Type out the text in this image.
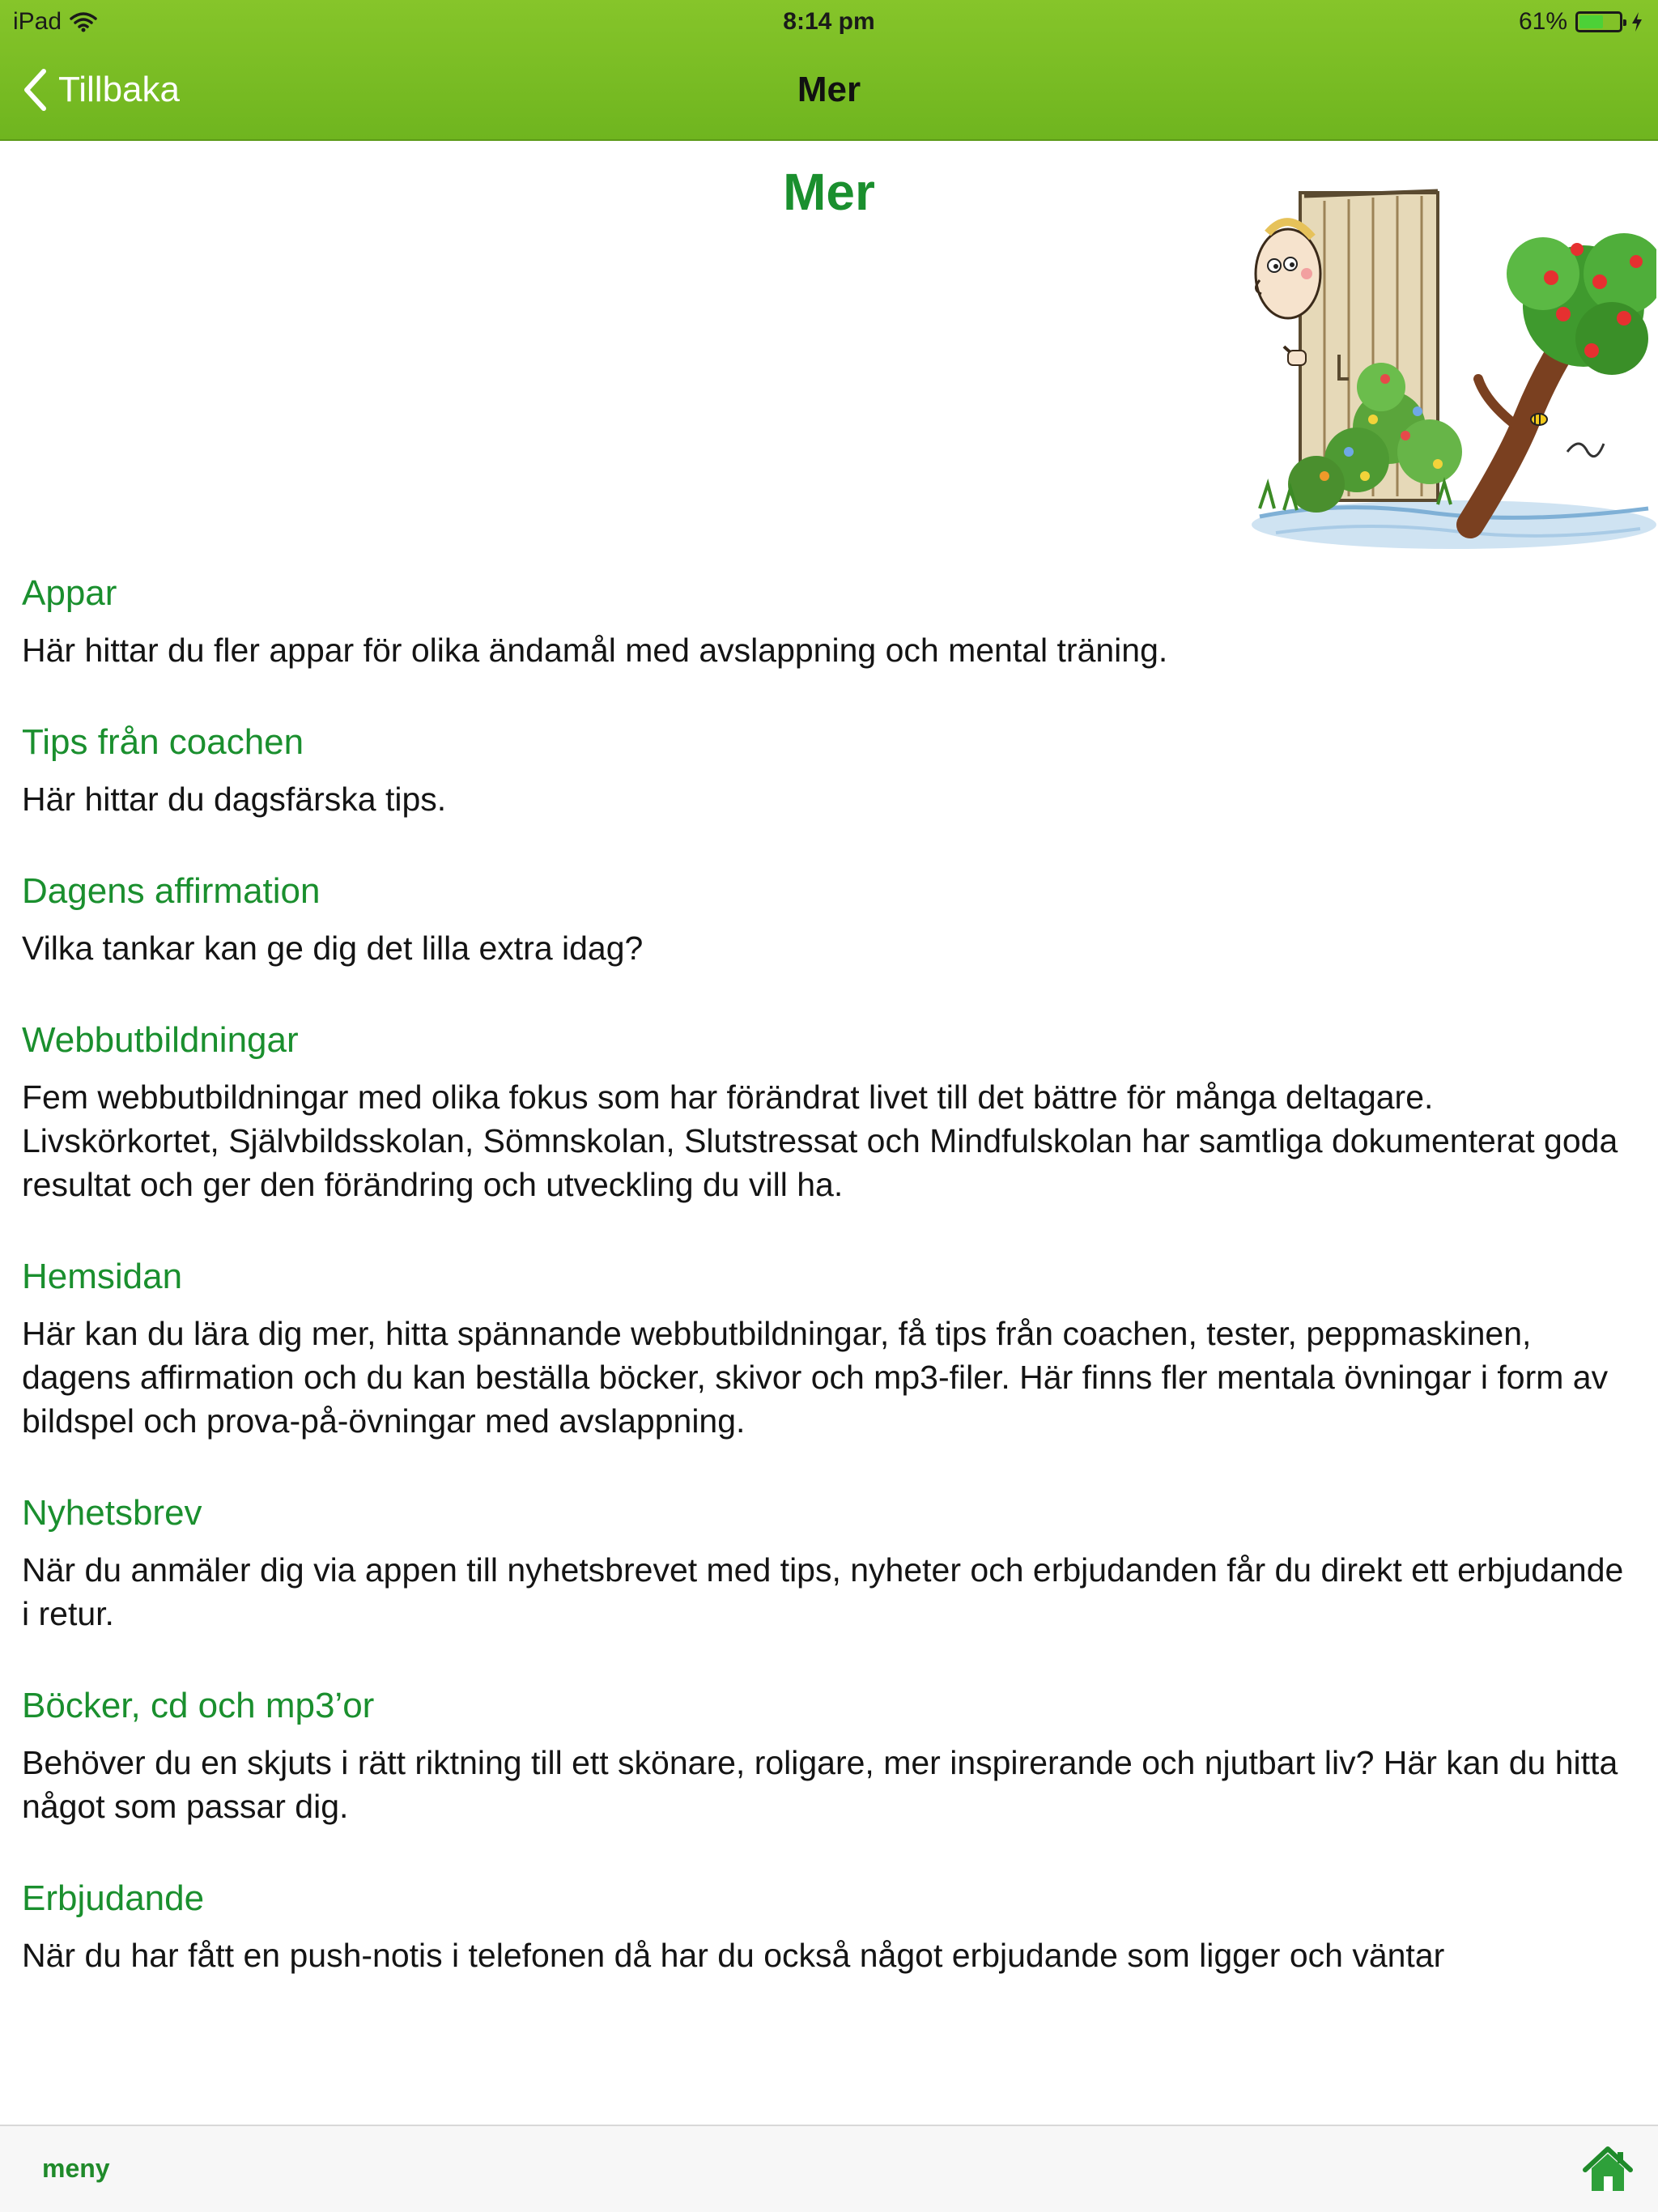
iPad	8:14 pm	61%
Tillbaka	Mer
Mer
Appar

Här hittar du fler appar för olika ändamål med avslappning och mental träning.

Tips från coachen

Här hittar du dagsfärska tips.

Dagens affirmation

Vilka tankar kan ge dig det lilla extra idag?

Webbutbildningar

Fem webbutbildningar med olika fokus som har förändrat livet till det bättre för många deltagare. Livskörkortet, Självbildsskolan, Sömnskolan, Slutstressat och Mindfulskolan har samtliga dokumenterat goda resultat och ger den förändring och utveckling du vill ha.

Hemsidan

Här kan du lära dig mer, hitta spännande webbutbildningar, få tips från coachen, tester, peppmaskinen, dagens affirmation och du kan beställa böcker, skivor och mp3-filer. Här finns fler mentala övningar i form av bildspel och prova-på-övningar med avslappning.

Nyhetsbrev

När du anmäler dig via appen till nyhetsbrevet med tips, nyheter och erbjudanden får du direkt ett erbjudande i retur.

Böcker, cd och mp3’or

Behöver du en skjuts i rätt riktning till ett skönare, roligare, mer inspirerande och njutbart liv? Här kan du hitta något som passar dig.

Erbjudande

När du har fått en push-notis i telefonen då har du också något erbjudande som ligger och väntar

meny
